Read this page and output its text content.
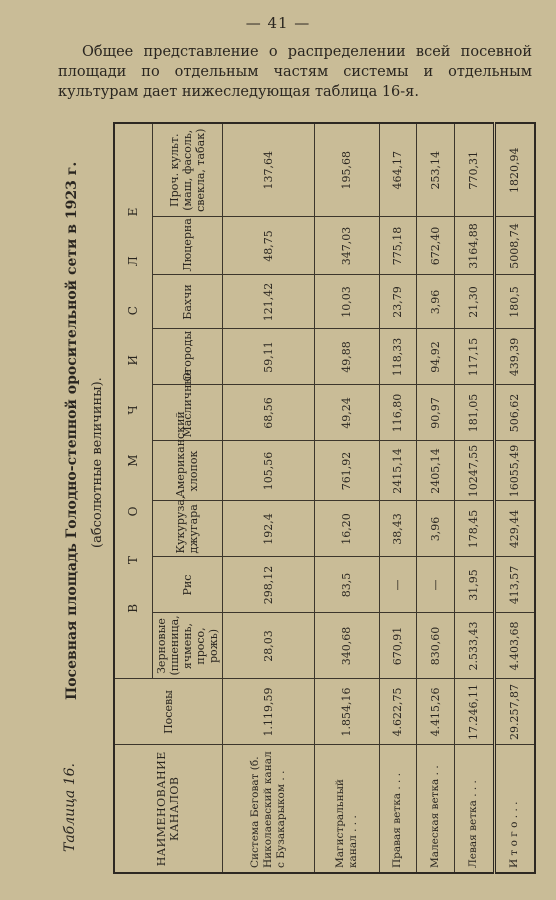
— 41 —
Общее представление о распределении всей посевной площади по отдельным частям системы и отдельным культурам дает нижеследующая таблица 16-я.
Таблица 16.
Посевная площадь Голодно-степной оросительной сети в 1923 г. (абсолютные величины).
НАИМЕНОВАНИЕ КАНАЛОВ	Посевы	В Т О М Ч И С Л Е								
		Зерновые (пшеница, ячмень, просо, рожь)	Рис	Кукуруза, джугара	Американский хлопок	Масличные	Огороды	Бахчи	Люцерна	Проч. культ. (маш, фасоль, свекла, табак)
Система Беговат (б. Николаевский канал с Бузакарыком . .	1.119,59	28,03	298,12	192,4	105,56	68,56	59,11	121,42	48,75	137,64
Магистральный канал . . .	1.854,16	340,68	83,5	16,20	761,92	49,24	49,88	10,03	347,03	195,68
Правая ветка . . .	4.622,75	670,91	—	38,43	2415,14	116,80	118,33	23,79	775,18	464,17
Малеская ветка . .	4.415,26	830,60	—	3,96	2405,14	90,97	94,92	3,96	672,40	253,14
Левая ветка . . .	17.246,11	2.533,43	31,95	178,45	10247,55	181,05	117,15	21,30	3164,88	770,31
И т о г о . . .	29.257,87	4.403,68	413,57	429,44	16055,49	506,62	439,39	180,5	5008,74	1820,94
